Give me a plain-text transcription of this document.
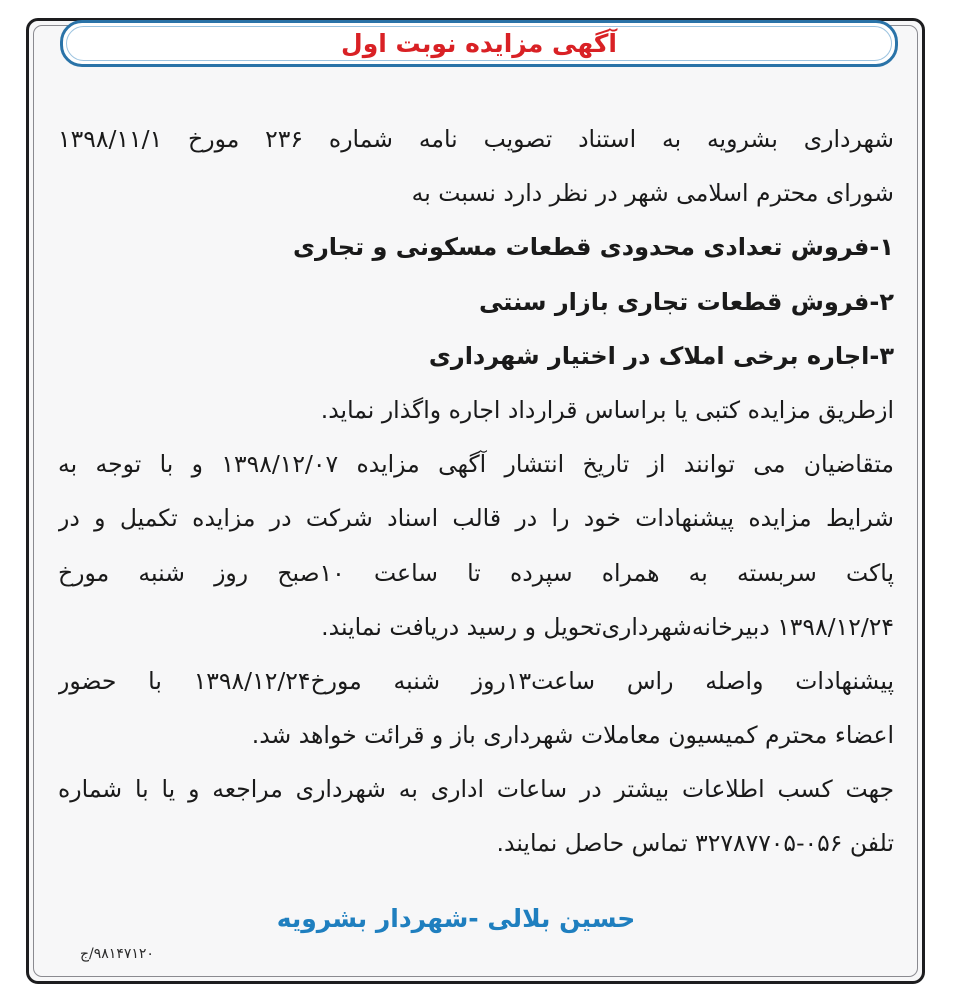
آگهی مزایده نوبت اول
شهرداری بشرویه به استناد تصویب نامه شماره ۲۳۶ مورخ ۱۳۹۸/۱۱/۱
شورای محترم اسلامی شهر در نظر دارد نسبت به
۱-فروش تعدادی محدودی قطعات مسکونی و تجاری
۲-فروش قطعات تجاری بازار سنتی
۳-اجاره برخی املاک در اختیار شهرداری
ازطریق مزایده کتبی یا براساس قرارداد اجاره واگذار نماید.
متقاضیان می توانند از تاریخ انتشار آگهی مزایده ۱۳۹۸/۱۲/۰۷ و با توجه به
شرایط مزایده پیشنهادات خود را در قالب اسناد شرکت در مزایده تکمیل و در
پاکت سربسته به همراه سپرده تا ساعت ۱۰صبح روز شنبه مورخ
۱۳۹۸/۱۲/۲۴ دبیرخانه‌شهرداری‌تحویل و رسید دریافت نمایند.
پیشنهادات واصله راس ساعت۱۳روز شنبه مورخ۱۳۹۸/۱۲/۲۴ با حضور
اعضاء محترم کمیسیون معاملات شهرداری باز و قرائت خواهد شد.
جهت کسب اطلاعات بیشتر در ساعات اداری به شهرداری مراجعه و یا با شماره
تلفن ۰۵۶-۳۲۷۸۷۷۰۵ تماس حاصل نمایند.
حسین بلالی -شهردار بشرویه
۹۸۱۴۷۱۲۰/ج
